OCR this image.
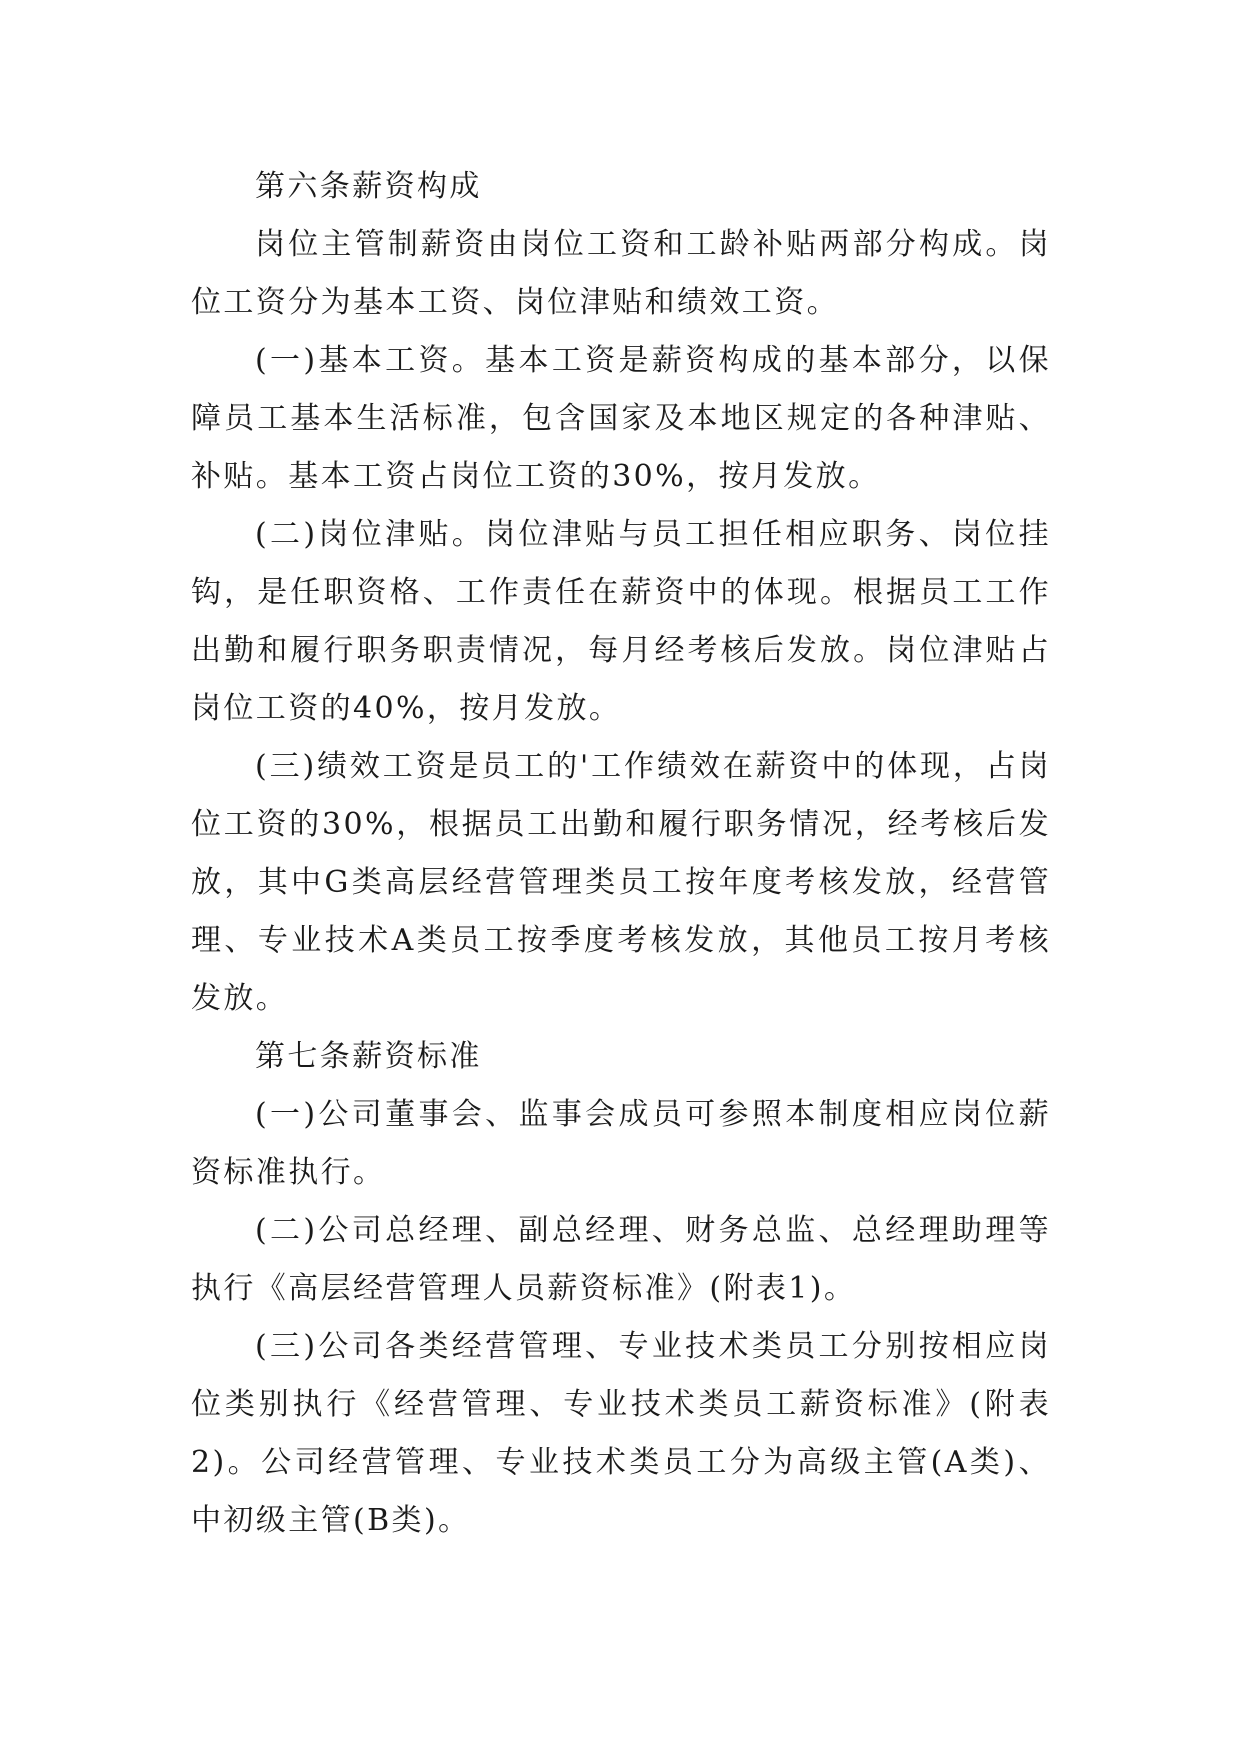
第六条薪资构成

岗位主管制薪资由岗位工资和工龄补贴两部分构成。岗位工资分为基本工资、岗位津贴和绩效工资。

(一)基本工资。基本工资是薪资构成的基本部分，以保障员工基本生活标准，包含国家及本地区规定的各种津贴、补贴。基本工资占岗位工资的30%，按月发放。

(二)岗位津贴。岗位津贴与员工担任相应职务、岗位挂钩，是任职资格、工作责任在薪资中的体现。根据员工工作出勤和履行职务职责情况，每月经考核后发放。岗位津贴占岗位工资的40%，按月发放。

(三)绩效工资是员工的'工作绩效在薪资中的体现，占岗位工资的30%，根据员工出勤和履行职务情况，经考核后发放，其中G类高层经营管理类员工按年度考核发放，经营管理、专业技术A类员工按季度考核发放，其他员工按月考核发放。

第七条薪资标准

(一)公司董事会、监事会成员可参照本制度相应岗位薪资标准执行。

(二)公司总经理、副总经理、财务总监、总经理助理等执行《高层经营管理人员薪资标准》(附表1)。

(三)公司各类经营管理、专业技术类员工分别按相应岗位类别执行《经营管理、专业技术类员工薪资标准》(附表2)。公司经营管理、专业技术类员工分为高级主管(A类)、中初级主管(B类)。
